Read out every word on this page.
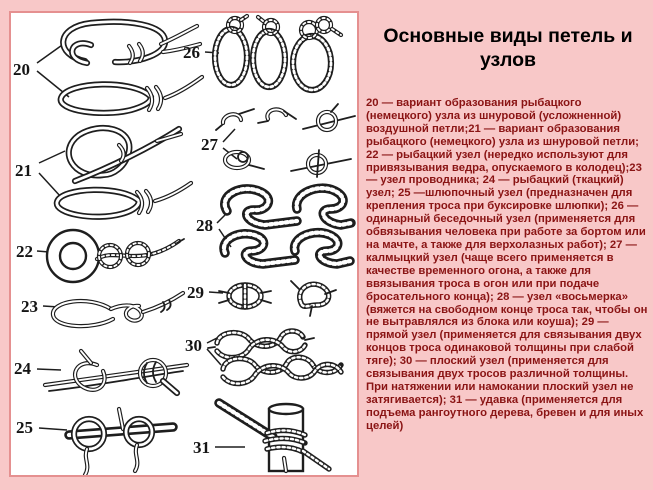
20
21
22
23
24
25
26
27
28
29
30
31
Основные виды петель и узлов

20 — вариант образования рыбацкого (немецкого) узла из шнуровой (усложненной) воздушной петли;21 — вариант образования рыбацкого (немецкого) узла из шнуровой петли; 22 — рыбацкий узел (нередко используют для привязывания ведра, опускаемого в колодец);23 — узел проводника; 24 — рыбацкий (ткацкий) узел; 25 —шлюпочный узел (предназначен для крепления троса при буксировке шлюпки); 26 — одинарный беседочный узел (применяется для обвязывания человека при работе за бортом или на мачте, а также для верхолазных работ); 27 — калмыцкий узел (чаще всего применяется в качестве временного огона, а также для ввязывания троса в огон или при подаче бросательного конца); 28 — узел «восьмерка» (вяжется на свободном конце троса так, чтобы он не вытравлялся из блока или коуша); 29 — прямой узел (применяется для связывания двух концов троса одинаковой толщины при слабой тяге); 30 — плоский узел (применяется для связывания двух тросов различной толщины. При натяжении или намокании плоский узел не затягивается); 31 — удавка (применяется для подъема рангоутного дерева, бревен и для иных целей)
